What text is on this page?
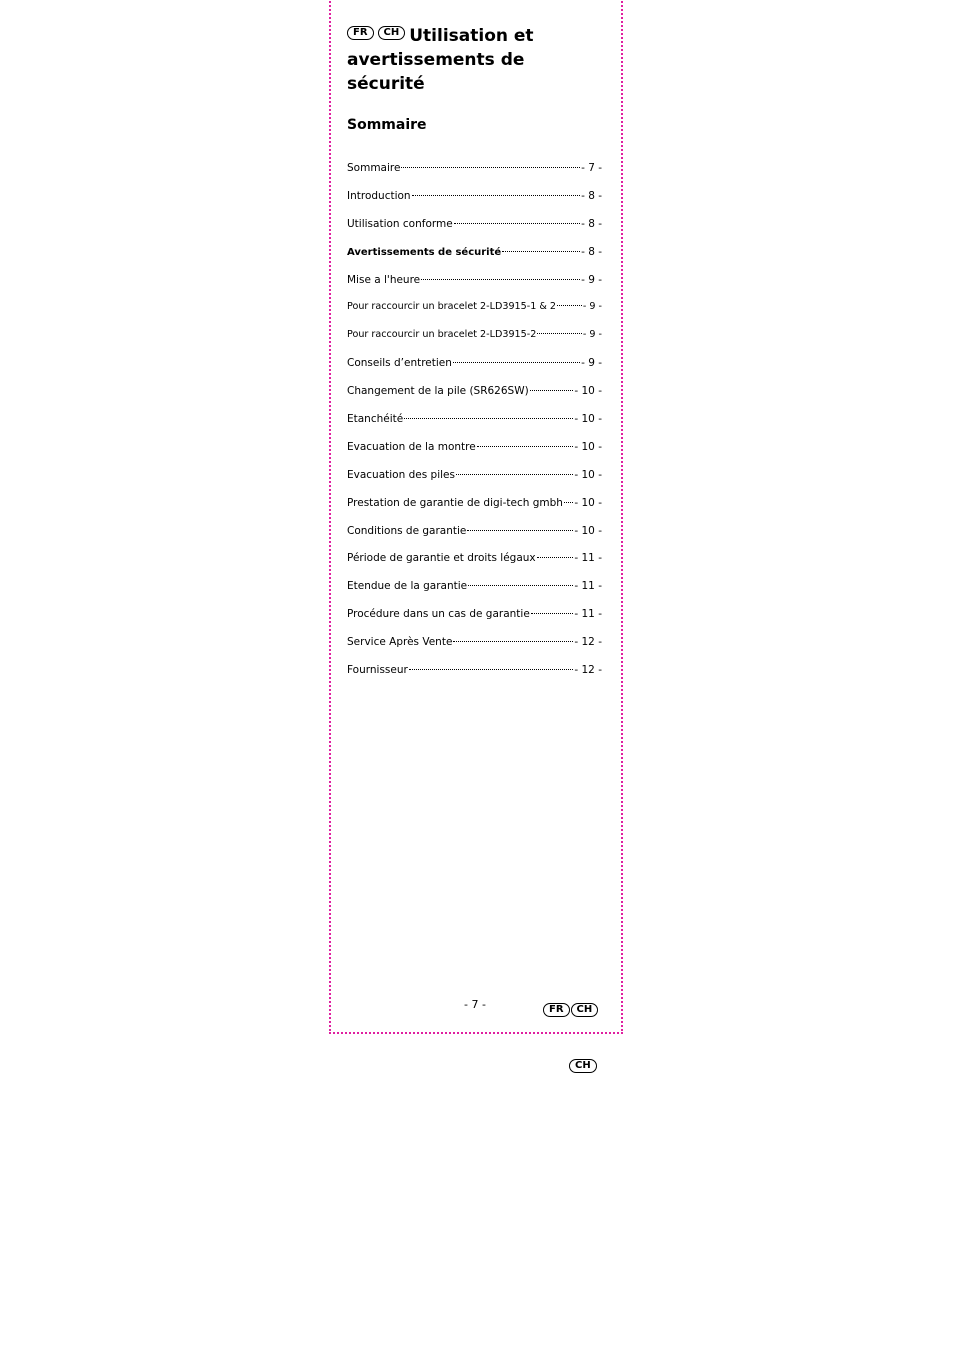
FR CH Utilisation et avertissements de sécurité
Sommaire
Sommaire	- 7 -
Introduction	- 8 -
Utilisation conforme	- 8 -
Avertissements de sécurité	- 8 -
Mise a l'heure	- 9 -
Pour raccourcir un bracelet 2-LD3915-1 & 2	- 9 -
Pour raccourcir un bracelet 2-LD3915-2	- 9 -
Conseils d’entretien	- 9 -
Changement de la pile (SR626SW)	- 10 -
Etanchéité	- 10 -
Evacuation de la montre	- 10 -
Evacuation des piles	- 10 -
Prestation de garantie de digi-tech gmbh - 10 -
Conditions de garantie	- 10 -
Période de garantie et droits légaux	- 11 -
Etendue de la garantie	- 11 -
Procédure dans un cas de garantie	- 11 -
Service Après Vente	- 12 -
Fournisseur	- 12 -
- 7 -	FR CH
CH
